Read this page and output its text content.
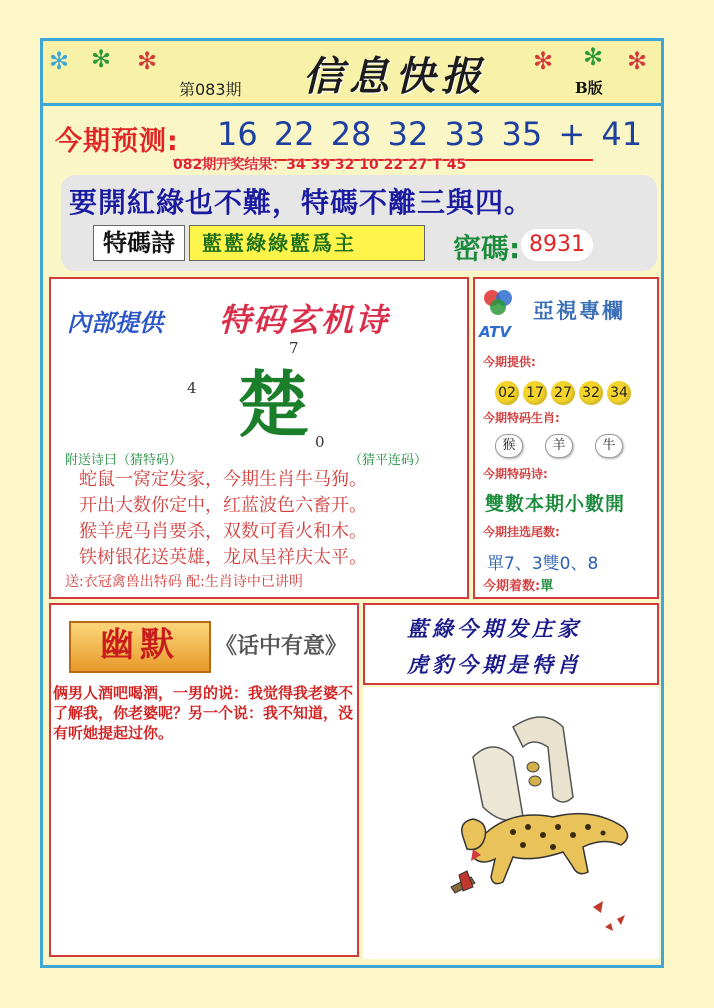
✻ ✻ ✻	✻ ✻ ✻
第083期 信息快报	B版
今期预测: 16 22 28 32 33 35 + 41
082期开奖结果：34 39 32 10 22 27 T 45
要開紅綠也不難，特碼不離三與四。
特碼詩	藍藍綠綠藍爲主	密碼: 8931
內部提供 特码玄机诗
7
4 楚 0
附送诗曰（猜特码）	（猜平连码）
蛇鼠一窝定发家，今期生肖牛马狗。
开出大数你定中，红蓝波色六畜开。
猴羊虎马肖要杀，双数可看火和木。
铁树银花送英雄，龙凤呈祥庆太平。
送:衣冠禽兽出特码 配:生肖诗中已讲明
ATV
亞視專欄
今期提供:
02 17 27 32 34
今期特码生肖:
猴	羊	牛
今期特码诗:
雙數本期小數開
今期挂选尾数:
單7、3雙0、8
今期着数:單
幽默	《话中有意》
俩男人酒吧喝酒，一男的说：我觉得我老婆不了解我，你老婆呢？另一个说：我不知道，没有听她提起过你。
藍綠今期发庄家
虎豹今期是特肖
